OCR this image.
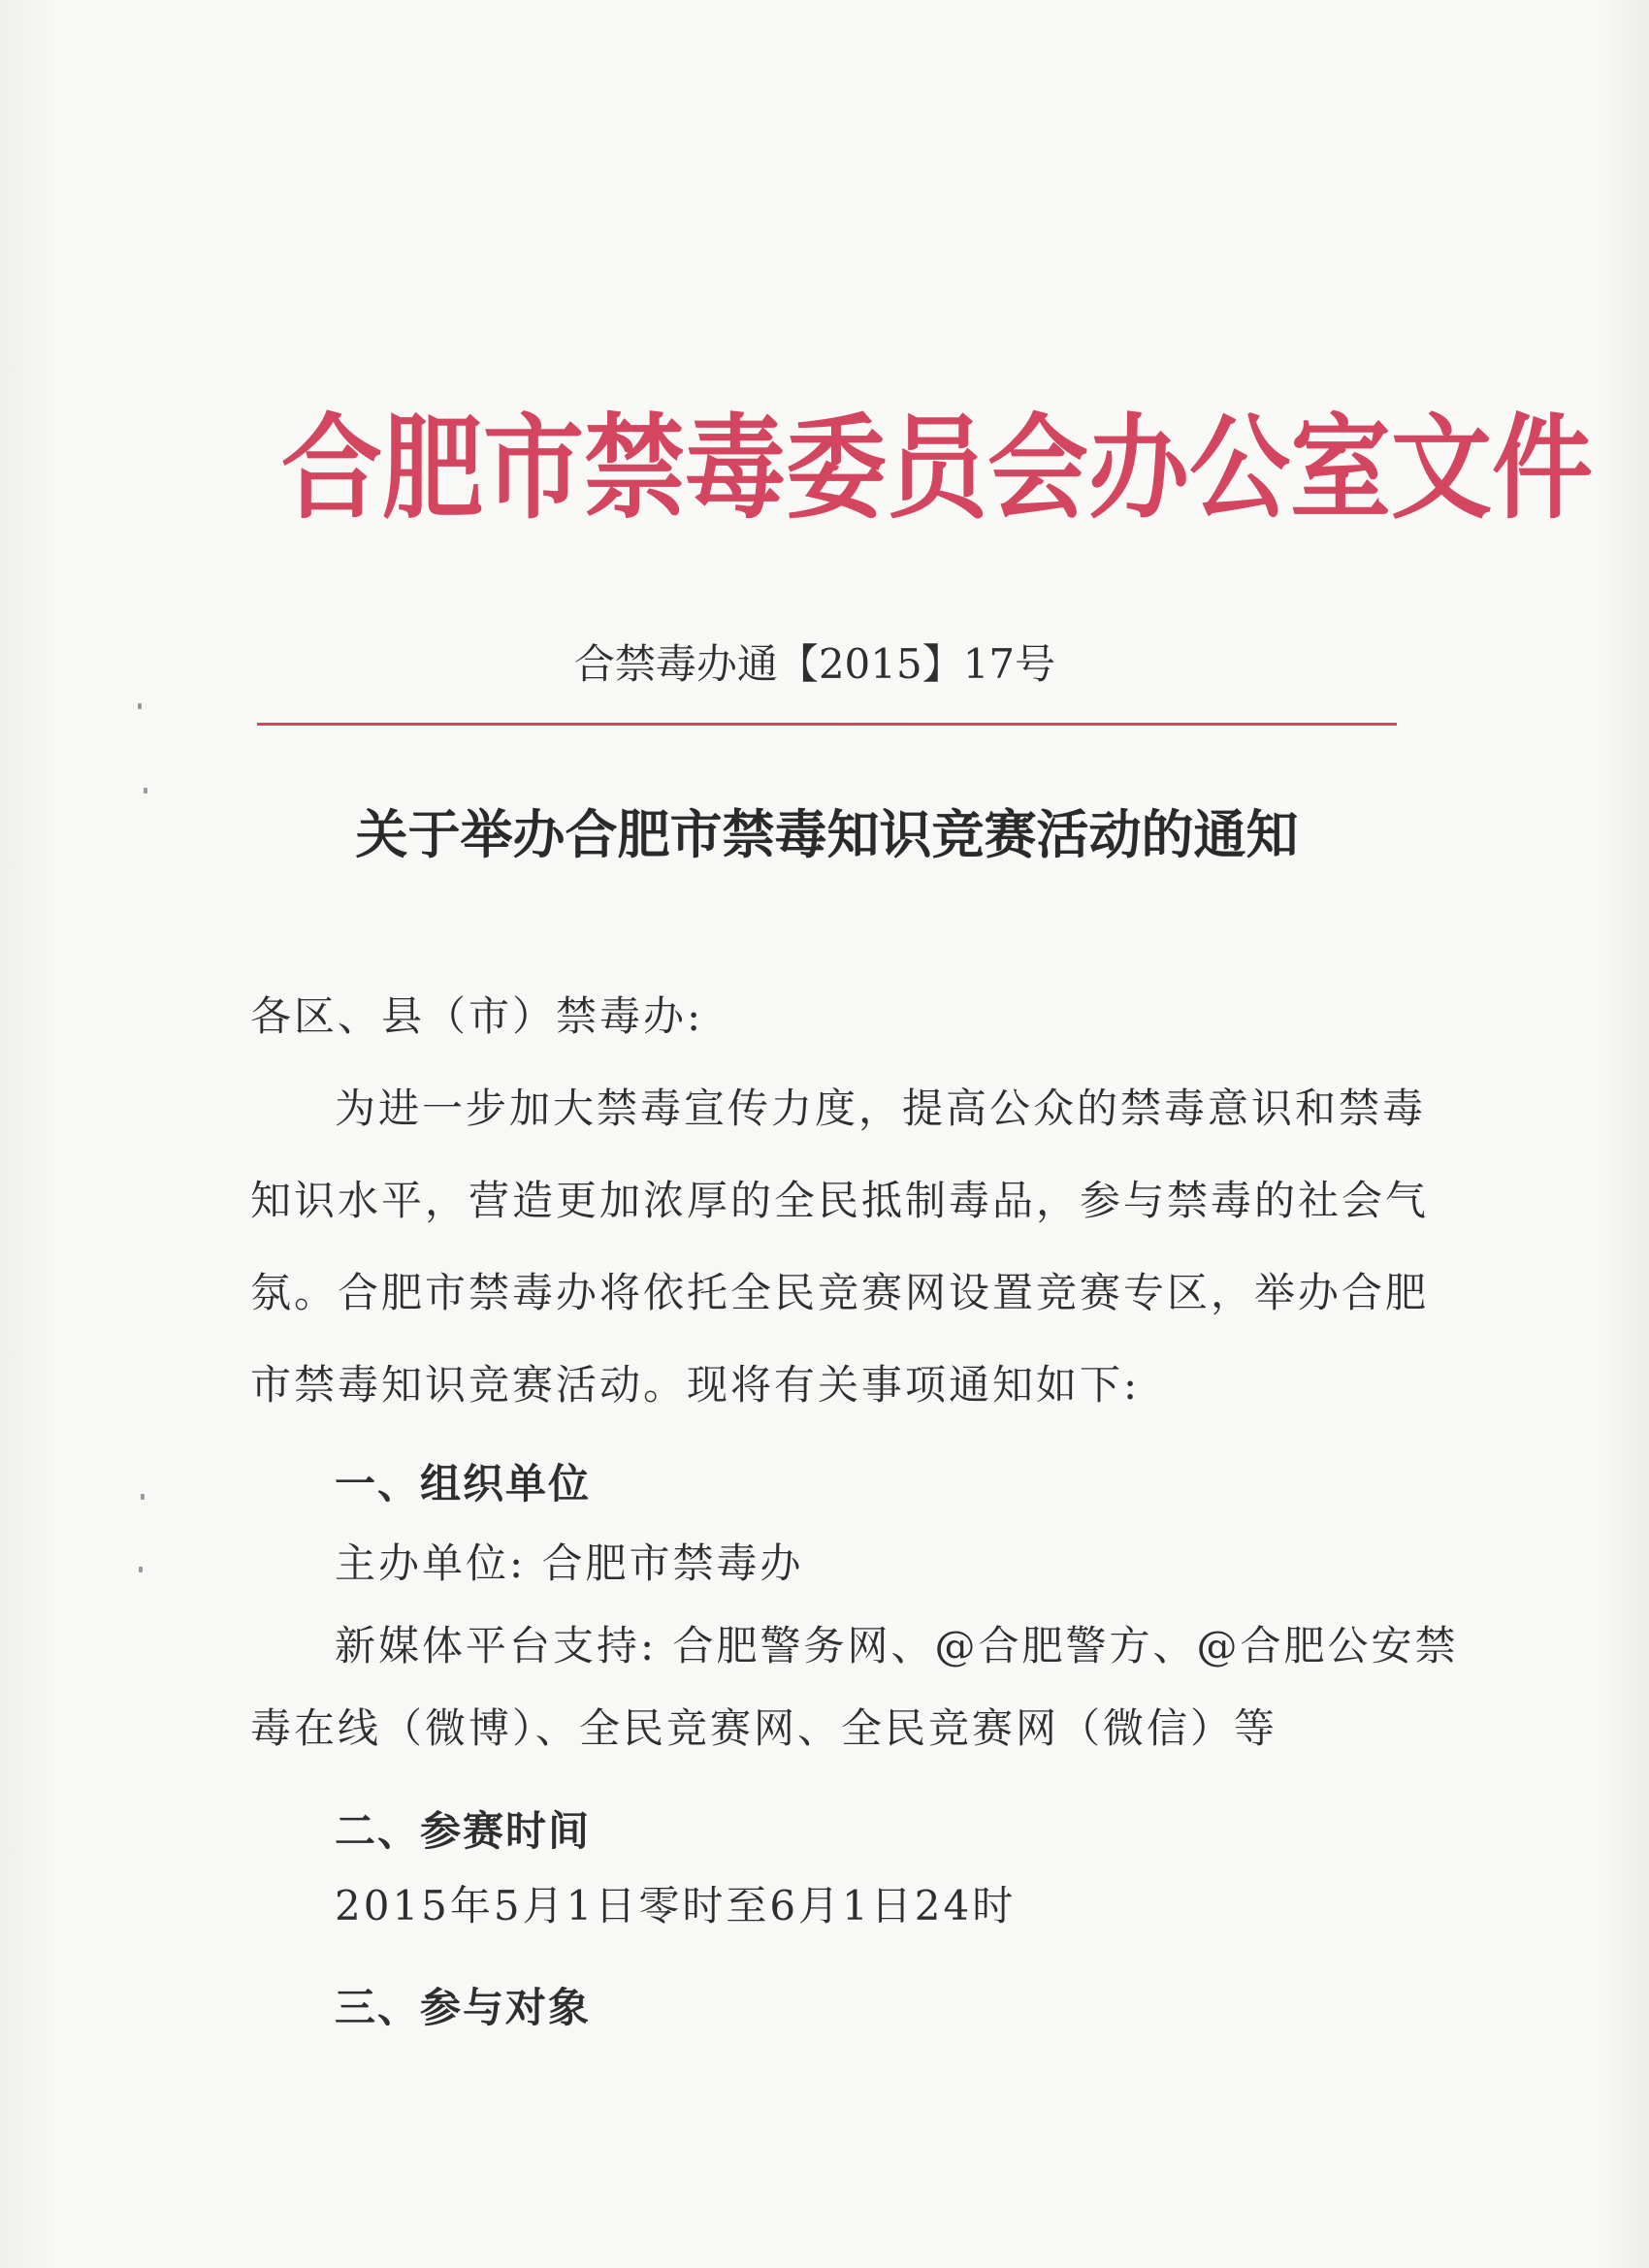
合肥市禁毒委员会办公室文件
合禁毒办通【2015】17号
关于举办合肥市禁毒知识竞赛活动的通知
各区、县（市）禁毒办:
为进一步加大禁毒宣传力度，提高公众的禁毒意识和禁毒
知识水平，营造更加浓厚的全民抵制毒品，参与禁毒的社会气
氛。合肥市禁毒办将依托全民竞赛网设置竞赛专区，举办合肥
市禁毒知识竞赛活动。现将有关事项通知如下:
一、组织单位
主办单位: 合肥市禁毒办
新媒体平台支持: 合肥警务网、@合肥警方、@合肥公安禁
毒在线（微博）、全民竞赛网、全民竞赛网（微信）等
二、参赛时间
2015年5月1日零时至6月1日24时
三、参与对象
